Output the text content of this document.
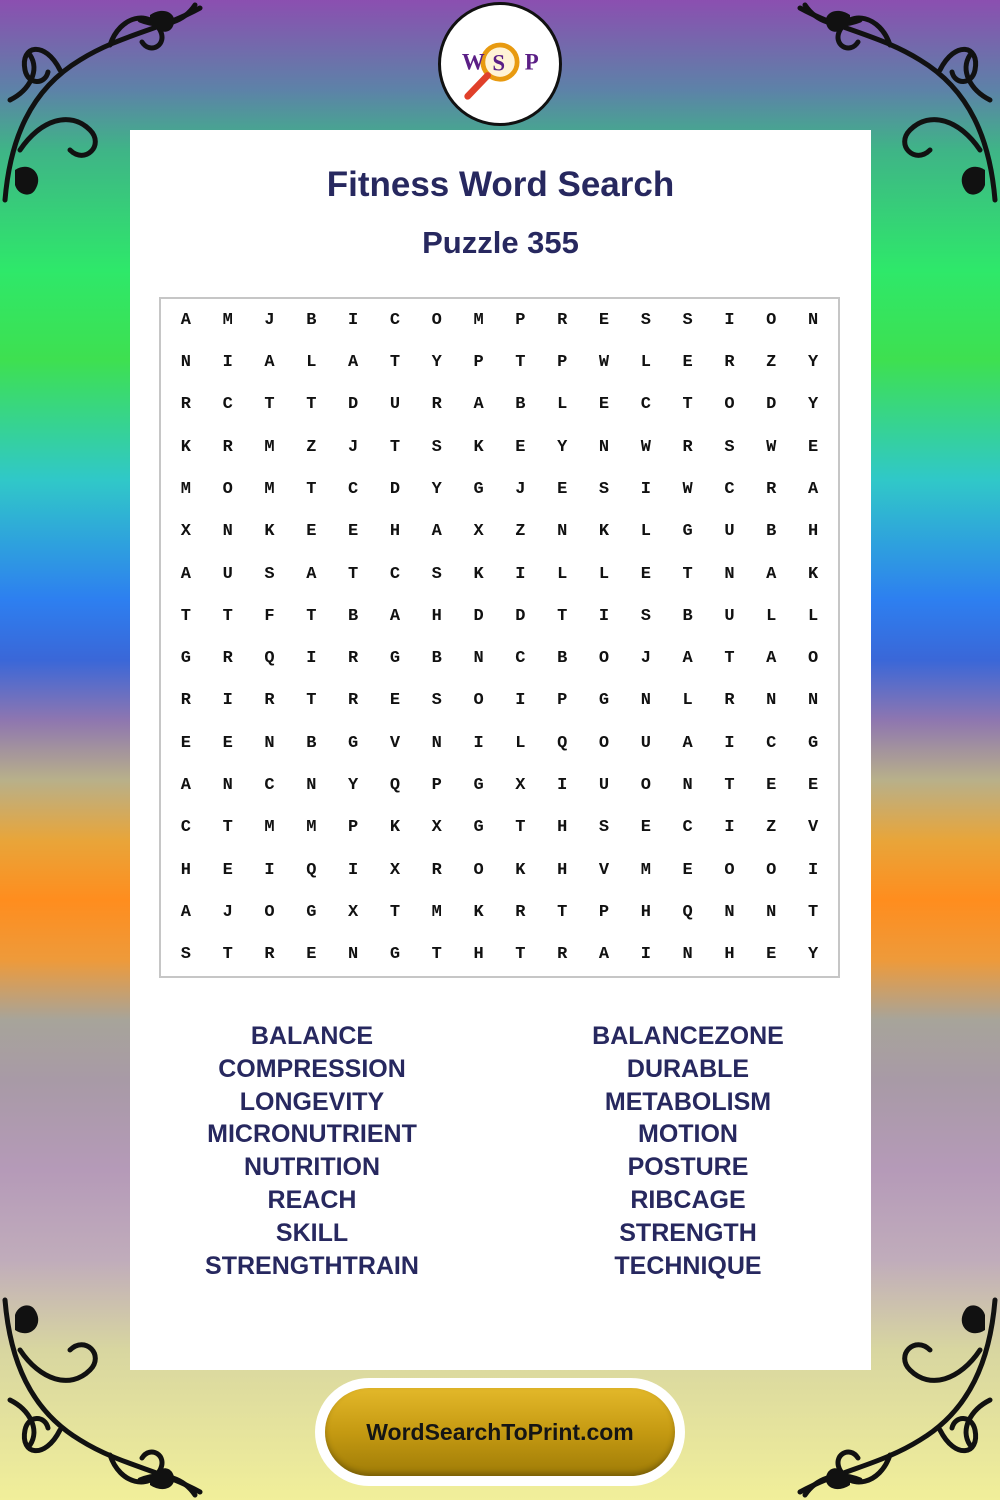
W S P
Fitness Word Search
Puzzle 355
A	M	J	B	I	C	O	M	P	R	E	S	S	I	O	N
N	I	A	L	A	T	Y	P	T	P	W	L	E	R	Z	Y
R	C	T	T	D	U	R	A	B	L	E	C	T	O	D	Y
K	R	M	Z	J	T	S	K	E	Y	N	W	R	S	W	E
M	O	M	T	C	D	Y	G	J	E	S	I	W	C	R	A
X	N	K	E	E	H	A	X	Z	N	K	L	G	U	B	H
A	U	S	A	T	C	S	K	I	L	L	E	T	N	A	K
T	T	F	T	B	A	H	D	D	T	I	S	B	U	L	L
G	R	Q	I	R	G	B	N	C	B	O	J	A	T	A	O
R	I	R	T	R	E	S	O	I	P	G	N	L	R	N	N
E	E	N	B	G	V	N	I	L	Q	O	U	A	I	C	G
A	N	C	N	Y	Q	P	G	X	I	U	O	N	T	E	E
C	T	M	M	P	K	X	G	T	H	S	E	C	I	Z	V
H	E	I	Q	I	X	R	O	K	H	V	M	E	O	O	I
A	J	O	G	X	T	M	K	R	T	P	H	Q	N	N	T
S	T	R	E	N	G	T	H	T	R	A	I	N	H	E	Y
BALANCE
COMPRESSION
LONGEVITY
MICRONUTRIENT
NUTRITION
REACH
SKILL
STRENGTHTRAIN
BALANCEZONE
DURABLE
METABOLISM
MOTION
POSTURE
RIBCAGE
STRENGTH
TECHNIQUE
WordSearchToPrint.com
